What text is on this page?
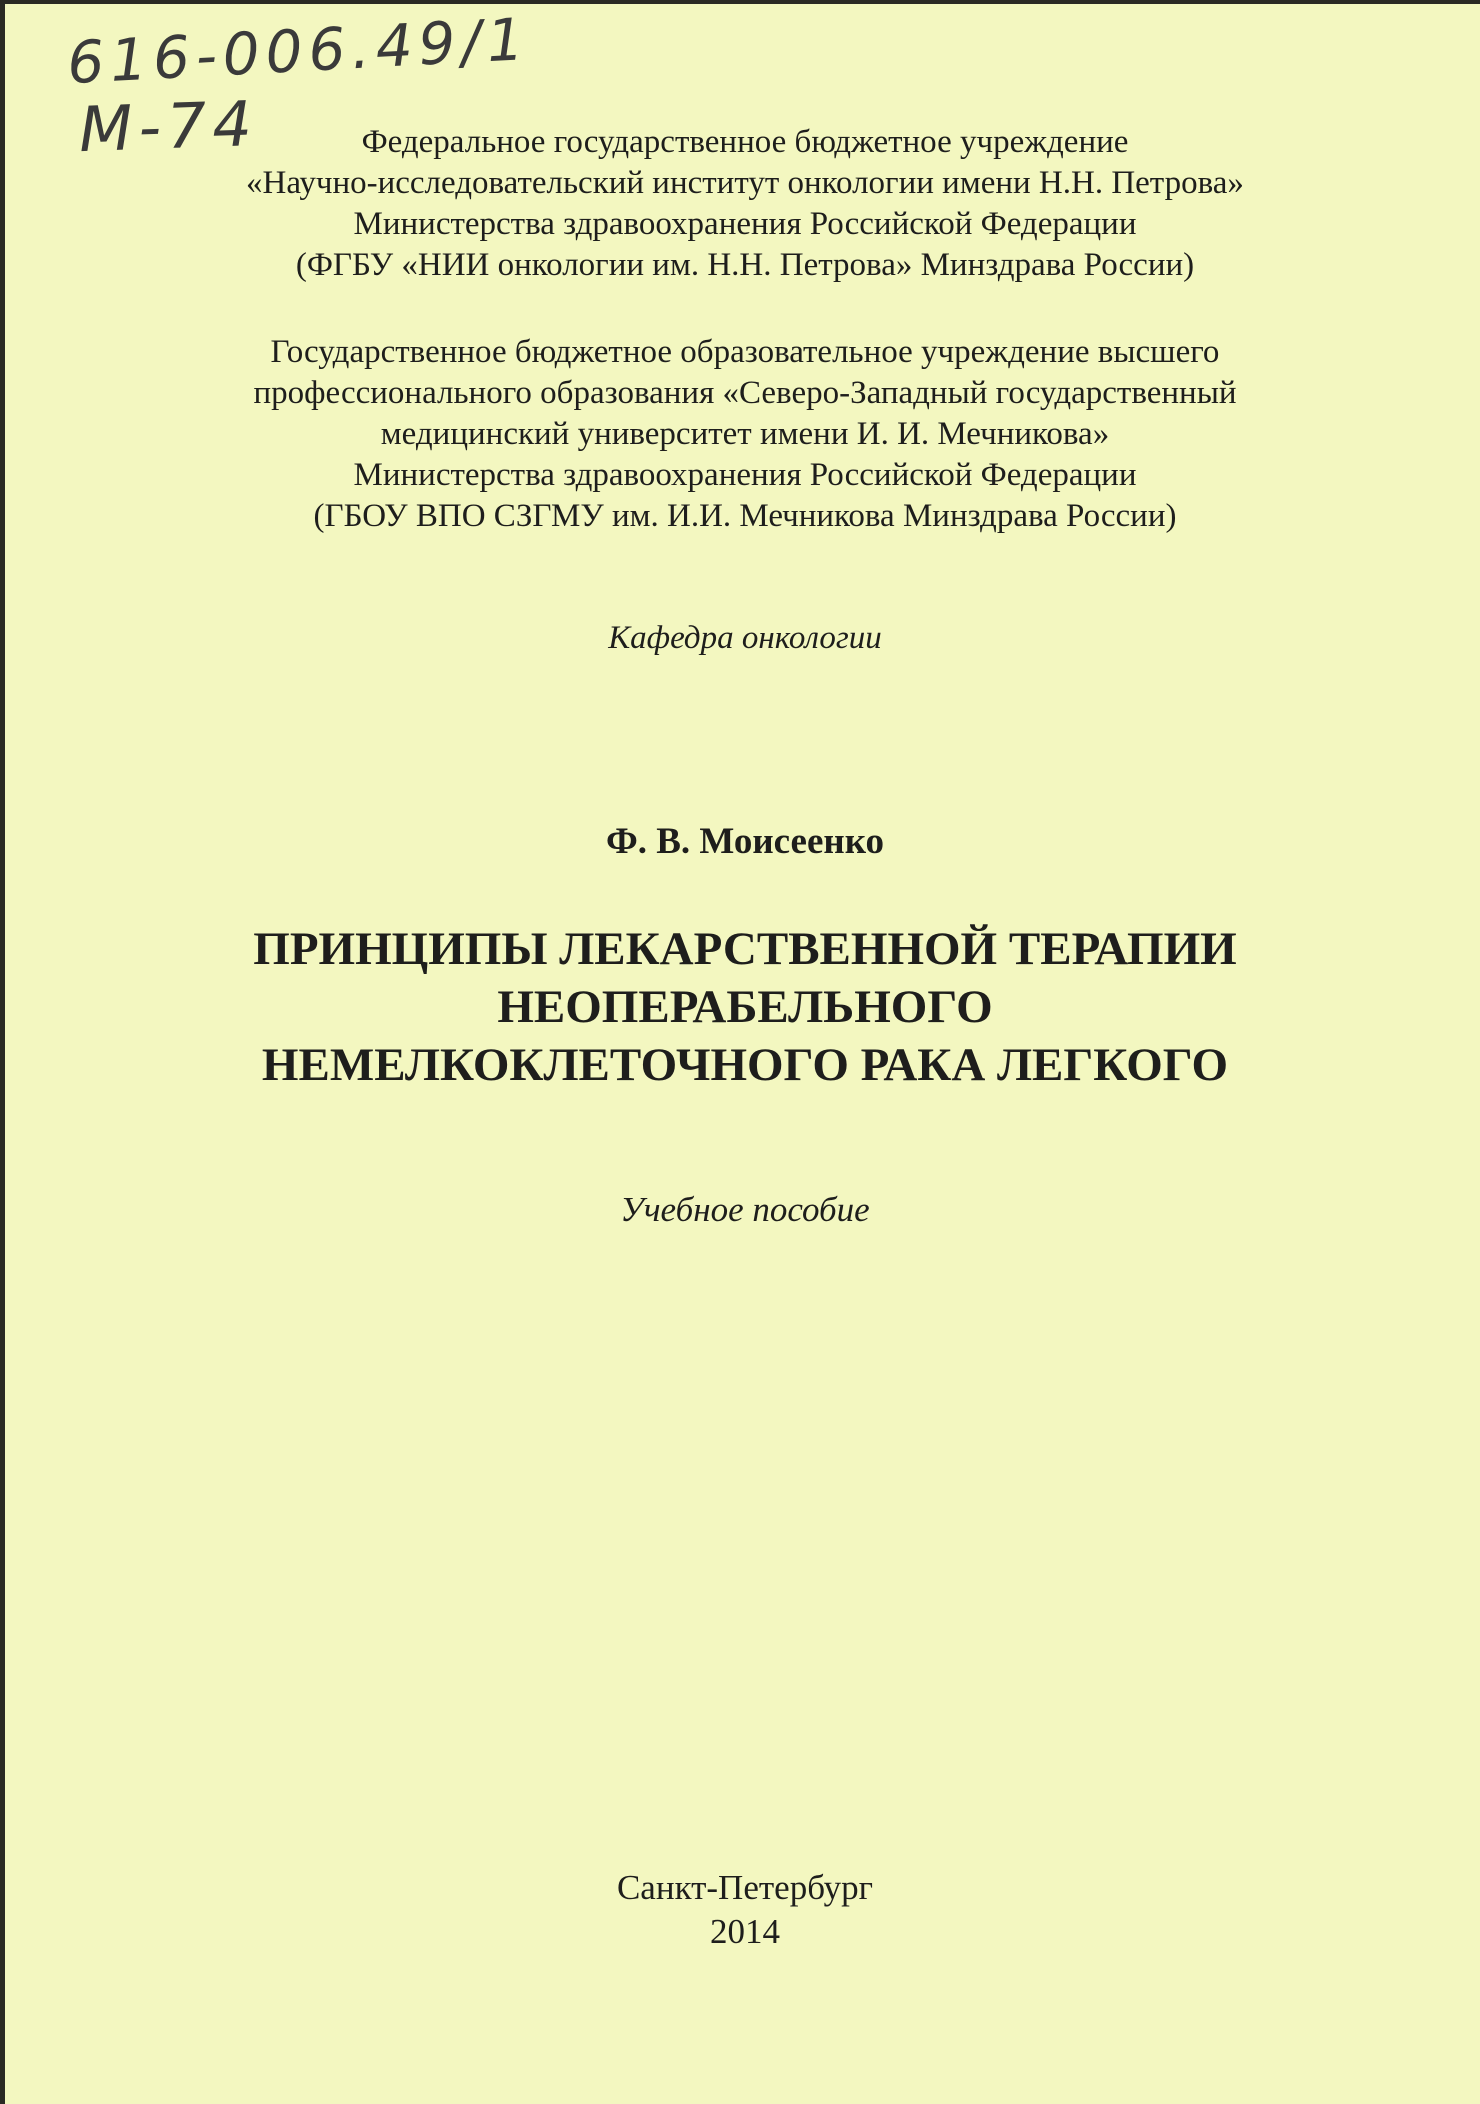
616-006.49/1
M-74	Федеральное государственное бюджетное учреждение
«Научно-исследовательский институт онкологии имени Н.Н. Петрова»
Министерства здравоохранения Российской Федерации
(ФГБУ «НИИ онкологии им. Н.Н. Петрова» Минздрава России)
Государственное бюджетное образовательное учреждение высшего
профессионального образования «Северо-Западный государственный
медицинский университет имени И. И. Мечникова»
Министерства здравоохранения Российской Федерации
(ГБОУ ВПО СЗГМУ им. И.И. Мечникова Минздрава России)
Кафедра онкологии
Ф. В. Моисеенко
ПРИНЦИПЫ ЛЕКАРСТВЕННОЙ ТЕРАПИИ
НЕОПЕРАБЕЛЬНОГО
НЕМЕЛКОКЛЕТОЧНОГО РАКА ЛЕГКОГО
Учебное пособие
Санкт-Петербург
2014
